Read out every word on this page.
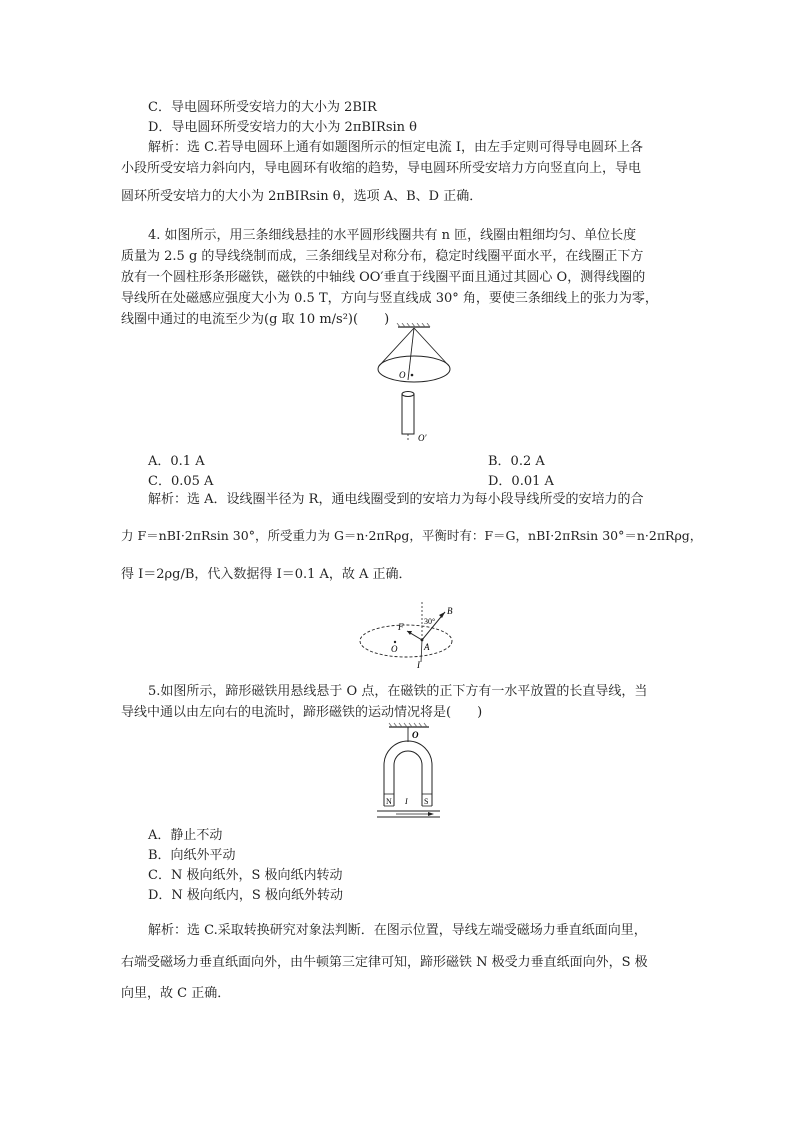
C．导电圆环所受安培力的大小为 2BIR
D．导电圆环所受安培力的大小为 2πBIRsin θ
解析：选 C.若导电圆环上通有如题图所示的恒定电流 I，由左手定则可得导电圆环上各
小段所受安培力斜向内，导电圆环有收缩的趋势，导电圆环所受安培力方向竖直向上，导电
圆环所受安培力的大小为 2πBIRsin θ，选项 A、B、D 正确．
4. 如图所示，用三条细线悬挂的水平圆形线圈共有 n 匝，线圈由粗细均匀、单位长度
质量为 2.5 g 的导线绕制而成，三条细线呈对称分布，稳定时线圈平面水平，在线圈正下方
放有一个圆柱形条形磁铁，磁铁的中轴线 OO′垂直于线圈平面且通过其圆心 O，测得线圈的
导线所在处磁感应强度大小为 0.5 T，方向与竖直线成 30° 角，要使三条细线上的张力为零，
线圈中通过的电流至少为(g 取 10 m/s²)(　　)
O
O′
A．0.1 A	B．0.2 A
C．0.05 A	D．0.01 A
解析：选 A．设线圈半径为 R，通电线圈受到的安培力为每小段导线所受的安培力的合
力 F＝nBI·2πRsin 30°，所受重力为 G＝n·2πRρg，平衡时有：F＝G，nBI·2πRsin 30°＝n·2πRρg，
得 I＝2ρg/B，代入数据得 I＝0.1 A，故 A 正确．
B
F
30°
O	A
I
5.如图所示，蹄形磁铁用悬线悬于 O 点，在磁铁的正下方有一水平放置的长直导线，当
导线中通以由左向右的电流时，蹄形磁铁的运动情况将是(　　)
O
N	S
I
A．静止不动
B．向纸外平动
C．N 极向纸外，S 极向纸内转动
D．N 极向纸内，S 极向纸外转动
解析：选 C.采取转换研究对象法判断．在图示位置，导线左端受磁场力垂直纸面向里，
右端受磁场力垂直纸面向外，由牛顿第三定律可知，蹄形磁铁 N 极受力垂直纸面向外，S 极
向里，故 C 正确．
